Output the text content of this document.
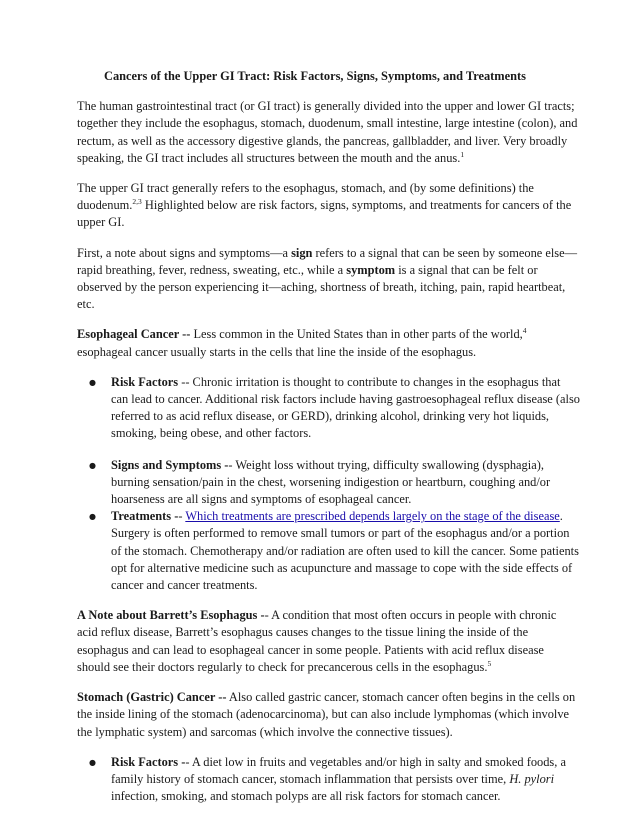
Cancers of the Upper GI Tract: Risk Factors, Signs, Symptoms, and Treatments

The human gastrointestinal tract (or GI tract) is generally divided into the upper and lower GI tracts; together they include the esophagus, stomach, duodenum, small intestine, large intestine (colon), and rectum, as well as the accessory digestive glands, the pancreas, gallbladder, and liver. Very broadly speaking, the GI tract includes all structures between the mouth and the anus.$^1$

The upper GI tract generally refers to the esophagus, stomach, and (by some definitions) the duodenum.$^{2,3}$ Highlighted below are risk factors, signs, symptoms, and treatments for cancers of the upper GI.

First, a note about signs and symptoms—a sign refers to a signal that can be seen by someone else—rapid breathing, fever, redness, sweating, etc., while a symptom is a signal that can be felt or observed by the person experiencing it—aching, shortness of breath, itching, pain, rapid heartbeat, etc.

Esophageal Cancer -- Less common in the United States than in other parts of the world,$^4$ esophageal cancer usually starts in the cells that line the inside of the esophagus.

● Risk Factors -- Chronic irritation is thought to contribute to changes in the esophagus that can lead to cancer. Additional risk factors include having gastroesophageal reflux disease (also referred to as acid reflux disease, or GERD), drinking alcohol, drinking very hot liquids, smoking, being obese, and other factors.
● Signs and Symptoms -- Weight loss without trying, difficulty swallowing (dysphagia), burning sensation/pain in the chest, worsening indigestion or heartburn, coughing and/or hoarseness are all signs and symptoms of esophageal cancer.
● Treatments -- Which treatments are prescribed depends largely on the stage of the disease. Surgery is often performed to remove small tumors or part of the esophagus and/or a portion of the stomach. Chemotherapy and/or radiation are often used to kill the cancer. Some patients opt for alternative medicine such as acupuncture and massage to cope with the side effects of cancer and cancer treatments.

A Note about Barrett’s Esophagus -- A condition that most often occurs in people with chronic acid reflux disease, Barrett’s esophagus causes changes to the tissue lining the inside of the esophagus and can lead to esophageal cancer in some people. Patients with acid reflux disease should see their doctors regularly to check for precancerous cells in the esophagus.$^5$

Stomach (Gastric) Cancer -- Also called gastric cancer, stomach cancer often begins in the cells on the inside lining of the stomach (adenocarcinoma), but can also include lymphomas (which involve the lymphatic system) and sarcomas (which involve the connective tissues).

● Risk Factors -- A diet low in fruits and vegetables and/or high in salty and smoked foods, a family history of stomach cancer, stomach inflammation that persists over time, H. pylori infection, smoking, and stomach polyps are all risk factors for stomach cancer.
